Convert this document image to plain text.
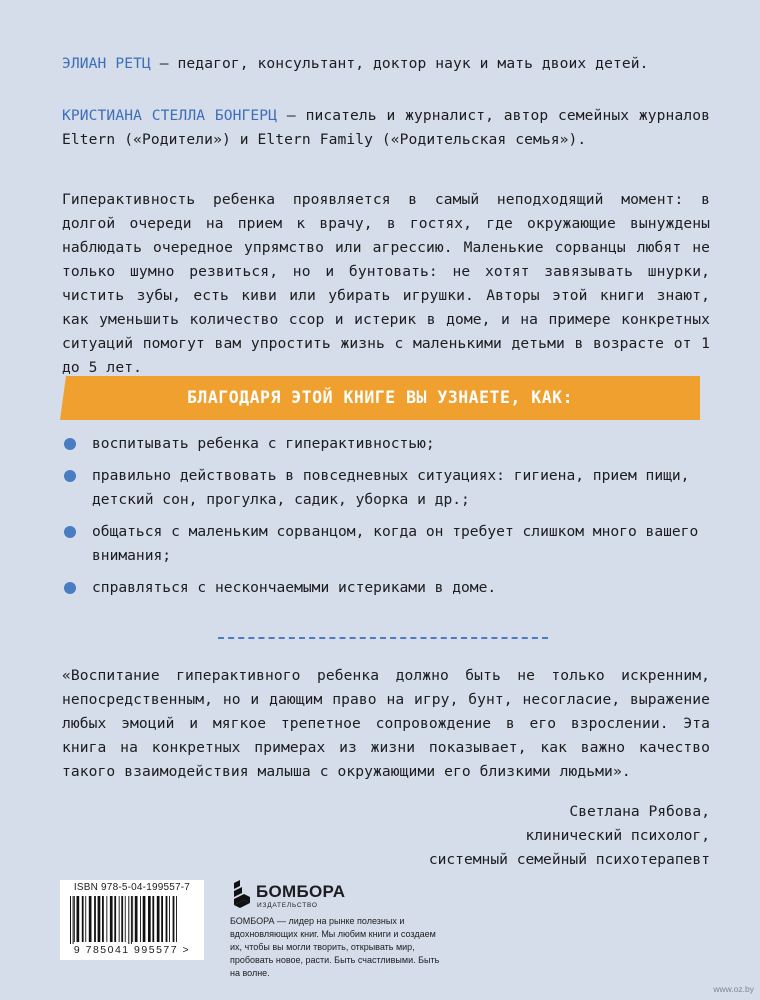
ЭЛИАН РЕТЦ — педагог, консультант, доктор наук и мать двоих детей.

КРИСТИАНА СТЕЛЛА БОНГЕРЦ — писатель и журналист, автор семейных журналов Eltern («Родители») и Eltern Family («Родительская семья»).

Гиперактивность ребенка проявляется в самый неподходящий момент: в долгой очереди на прием к врачу, в гостях, где окружающие вынуждены наблюдать очередное упрямство или агрессию. Маленькие сорванцы любят не только шумно резвиться, но и бунтовать: не хотят завязывать шнурки, чистить зубы, есть киви или убирать игрушки. Авторы этой книги знают, как уменьшить количество ссор и истерик в доме, и на примере конкретных ситуаций помогут вам упростить жизнь с маленькими детьми в возрасте от 1 до 5 лет.

БЛАГОДАРЯ ЭТОЙ КНИГЕ ВЫ УЗНАЕТЕ, КАК:
воспитывать ребенка с гиперактивностью;
правильно действовать в повседневных ситуациях: гигиена, прием пищи, детский сон, прогулка, садик, уборка и др.;
общаться с маленьким сорванцом, когда он требует слишком много вашего внимания;
справляться с нескончаемыми истериками в доме.

«Воспитание гиперактивного ребенка должно быть не только искренним, непосредственным, но и дающим право на игру, бунт, несогласие, выражение любых эмоций и мягкое трепетное сопровождение в его взрослении. Эта книга на конкретных примерах из жизни показывает, как важно качество такого взаимодействия малыша с окружающими его близкими людьми».

Светлана Рябова,
клинический психолог,
системный семейный психотерапевт
ISBN 978-5-04-199557-7
9 785041 995577 >
БОМБОРА
ИЗДАТЕЛЬСТВО

БОМБОРА — лидер на рынке полезных и вдохновляющих книг. Мы любим книги и создаем их, чтобы вы могли творить, открывать мир, пробовать новое, расти. Быть счастливыми. Быть на волне.

www.oz.by
